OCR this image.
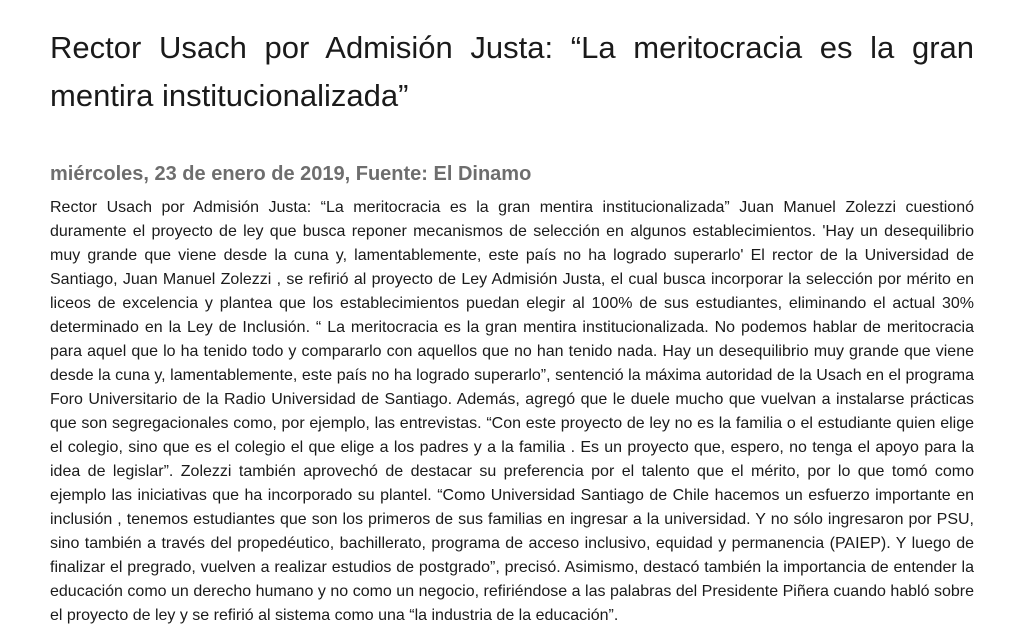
Rector Usach por Admisión Justa: “La meritocracia es la gran mentira institucionalizada”

miércoles, 23 de enero de 2019, Fuente: El Dinamo

Rector Usach por Admisión Justa: “La meritocracia es la gran mentira institucionalizada” Juan Manuel Zolezzi cuestionó duramente el proyecto de ley que busca reponer mecanismos de selección en algunos establecimientos. 'Hay un desequilibrio muy grande que viene desde la cuna y, lamentablemente, este país no ha logrado superarlo' El rector de la Universidad de Santiago, Juan Manuel Zolezzi , se refirió al proyecto de Ley Admisión Justa, el cual busca incorporar la selección por mérito en liceos de excelencia y plantea que los establecimientos puedan elegir al 100% de sus estudiantes, eliminando el actual 30% determinado en la Ley de Inclusión. “ La meritocracia es la gran mentira institucionalizada. No podemos hablar de meritocracia para aquel que lo ha tenido todo y compararlo con aquellos que no han tenido nada. Hay un desequilibrio muy grande que viene desde la cuna y, lamentablemente, este país no ha logrado superarlo”, sentenció la máxima autoridad de la Usach en el programa Foro Universitario de la Radio Universidad de Santiago. Además, agregó que le duele mucho que vuelvan a instalarse prácticas que son segregacionales como, por ejemplo, las entrevistas. “Con este proyecto de ley no es la familia o el estudiante quien elige el colegio, sino que es el colegio el que elige a los padres y a la familia . Es un proyecto que, espero, no tenga el apoyo para la idea de legislar”. Zolezzi también aprovechó de destacar su preferencia por el talento que el mérito, por lo que tomó como ejemplo las iniciativas que ha incorporado su plantel. “Como Universidad Santiago de Chile hacemos un esfuerzo importante en inclusión , tenemos estudiantes que son los primeros de sus familias en ingresar a la universidad. Y no sólo ingresaron por PSU, sino también a través del propedéutico, bachillerato, programa de acceso inclusivo, equidad y permanencia (PAIEP). Y luego de finalizar el pregrado, vuelven a realizar estudios de postgrado”, precisó. Asimismo, destacó también la importancia de entender la educación como un derecho humano y no como un negocio, refiriéndose a las palabras del Presidente Piñera cuando habló sobre el proyecto de ley y se refirió al sistema como una “la industria de la educación”.
